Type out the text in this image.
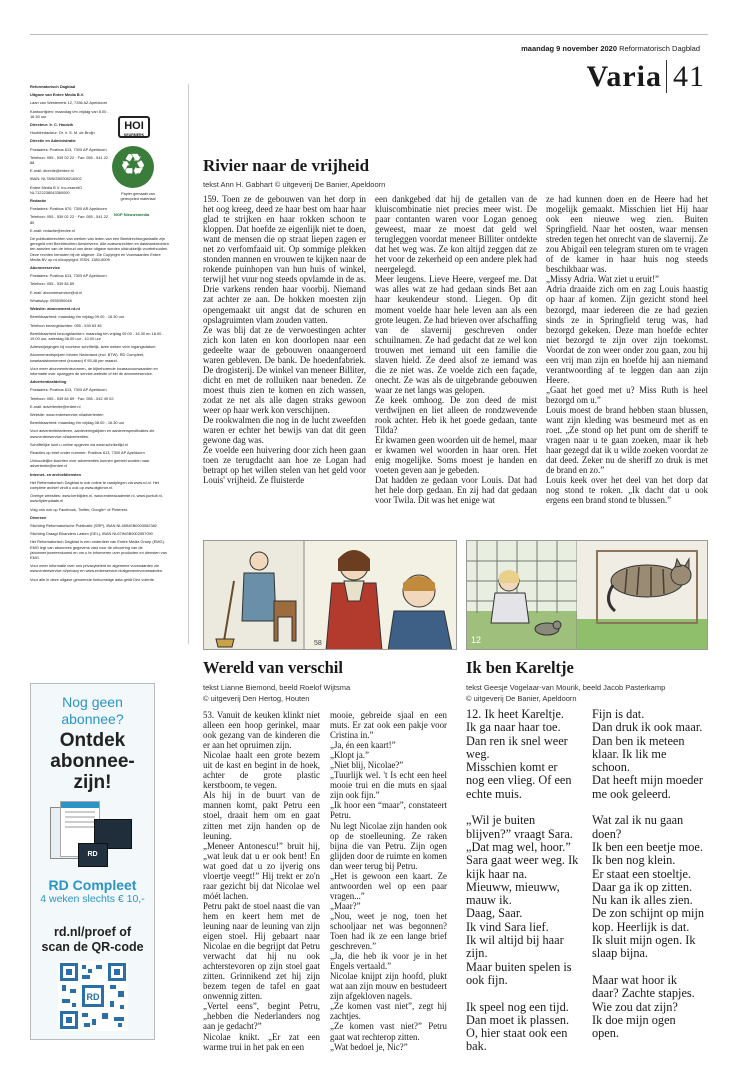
maandag 9 november 2020 Reformatorisch Dagblad
Varia 41

Reformatorisch Dagblad

Uitgave van Erdee Media B.V.

Laan van Westenenk 12, 7336 AZ Apeldoorn

Kantoortijden: maandag t/m vrijdag van 8.00 - 16.30 uur

Directeur: Ir. C. Houtzik

Hoofdredacteur: Dr. ir. S. M. de Bruijn

Directie en Administratie

Postadres: Postbus 613, 7300 AP Apeldoorn

Telefoon: 055 - 539 02 22 · Fax: 055 - 541 22 88

E-mail: directie@erdee.nl

IBAN: NL78INGB0008216502

Erdee Media B.V. Inc.essentO NL7122238043360000

Redactie

Postadres: Postbus 670, 7300 AR Apeldoorn

Telefoon: 055 - 539 02 22 · Fax: 055 - 541 22 80

E-mail: redactie@erdee.nl

De publicatierechten van werken van leden van een Beeldrechtorganisatie zijn geregeld met Beeldrechten Amstelveen. Alle auteursrechten en databankrechten ten aanzien van de inhoud van deze uitgave worden uitdrukkelijk voorbehouden. Deze rechten berusten bij de uitgever. Zie Copyright en Voorwaarden Erdee Media BV op rd.nl/copyright. ISSN: 1380-6009

Abonneeservice

Postadres: Postbus 613, 7300 AP Apeldoorn

Telefoon: 055 - 539 84 89

E-mail: abonneeservice@rd.nl

WhatsApp: 0555390046

Website: abonnement.rd.nl

Bereikbaarheid: maandag t/m vrijdag 09.00 - 16.30 uur

Telefoon bezorgklachten: 055 - 539 63 45

Bereikbaarheid bezorgklachten: maandag t/m vrijdag 09.00 - 16.30 en 18.00 - 19.00 uur, zaterdag 08.00 uur - 10.00 uur

Adreswijzigingen bij voorkeur schriftelijk, twee weken vóór ingangsdatum.

Abonnementsprijzen binnen Nederland (incl. BTW). RD Compleet, kwartaalabonnement (incasso) € 95,48 per maand.

Voor meer abonnementsvormen, de bijbehorende incassovoorwaarden en informatie over opzeggen de service-website of bel de abonneeservice.

Advertentieafdeling

Postadres: Postbus 613, 7300 AP Apeldoorn

Telefoon: 055 - 539 84 89 · Fax: 055 - 542 49 02

E-mail: advertentie@erdee.nl

Website: www.erdeeservice.nl/advertenten

Bereikbaarheid: maandag t/m vrijdag 08.00 - 16.30 uur

Voor advertentietarieven, aanleveringstijden en aanleverspecificaties zie www.erdeeservice.nl/advertenties.

Schriftelijke kunt u online opgeven via www.schrikeltijd.nl

Reacties op brief onder nummer: Postbus 613, 7300 AP Apeldoorn

Unhoudelijke klachten over advertenties kunnen gemeld worden naar advertentie@erdee.nl

Internet- en archiefdiensten

Het Reformatorisch Dagblad is ook online te raadplegen via www.rd.nl. Het complete archief vindt u ook op www.digibron.nl.

Overige websites: www.kerktijden.nl, www.erdeeacademie.nl, www.puntuit.nl, www.tijdenplaats.nl

Volg ons ook op Facebook, Twitter, Google+ of Pinterest.

Diversen

Stichting Reformatorische Publicatie (SRP), IBAN NL48INGB0003082382

Stichting Draagt Elkanders Lasten (DEL), IBAN NL67INGB0002957090

Het Reformatorisch Dagblad is een onderdeel van Erdee Media Groep (EMG). EMG legt van abonnees gegevens vast voor de uitvoering van de (abonnee)overeenkomst en om u te informeren over producten en diensten van EMG.

Voor meer informatie over ons privacybeleid en algemene voorwaarden zie www.erdeeservice.nl/privacy en www.erdeeservice.nl/algemenevoorwaarden.

Voor alle in deze uitgave genoemde toekomstige data geldt Deo volente.

HOI
KEURMERK
♻
Papier gemaakt van gerecycled materiaal
NOP Nieuwsmedia
Nog geen abonnee?
Ontdek abonnee-zijn!
RD
RD Compleet
4 weken slechts € 10,-
rd.nl/proef of scan de QR-code
RD
Rivier naar de vrijheid
tekst Ann H. Gabhart © uitgeverij De Banier, Apeldoorn

159. Toen ze de gebouwen van het dorp in het oog kreeg, deed ze haar best om haar haar glad te strijken en haar rokken schoon te kloppen. Dat hoefde ze eigenlijk niet te doen, want de mensen die op straat liepen zagen er net zo verfomfaaid uit. Op sommige plekken stonden mannen en vrouwen te kijken naar de rokende puinhopen van hun huis of winkel, terwijl het vuur nog steeds opvlamde in de as.

Drie varkens renden haar voorbij. Niemand zat achter ze aan. De hokken moesten zijn opengemaakt uit angst dat de schuren en opslagruimten vlam zouden vatten.

Ze was blij dat ze de verwoestingen achter zich kon laten en kon doorlopen naar een gedeelte waar de gebouwen onaangeroerd waren gebleven. De bank. De hoedenfabriek. De drogisterij. De winkel van meneer Billiter, dicht en met de rolluiken naar beneden. Ze moest thuis zien te komen en zich wassen, zodat ze net als alle dagen straks gewoon weer op haar werk kon verschijnen.

De rookwalmen die nog in de lucht zweefden waren er echter het bewijs van dat dit geen gewone dag was.

Ze voelde een huivering door zich heen gaan toen ze terugdacht aan hoe ze Logan had betrapt op het willen stelen van het geld voor Louis' vrijheid. Ze fluisterde

een dankgebed dat hij de getallen van de kluiscombinatie niet precies meer wist. De paar contanten waren voor Logan genoeg geweest, maar ze moest dat geld wel terugleggen voordat meneer Billiter ontdekte dat het weg was. Ze kon altijd zeggen dat ze het voor de zekerheid op een andere plek had neergelegd.

Meer leugens. Lieve Heere, vergeef me. Dat was alles wat ze had gedaan sinds Bet aan haar keukendeur stond. Liegen. Op dit moment voelde haar hele leven aan als een grote leugen. Ze had brieven over afschaffing van de slavernij geschreven onder schuilnamen. Ze had gedacht dat ze wel kon trouwen met iemand uit een familie die slaven hield. Ze deed alsof ze iemand was die ze niet was. Ze voelde zich een façade, onecht. Ze was als de uitgebrande gebouwen waar ze net langs was gelopen.

Ze keek omhoog. De zon deed de mist verdwijnen en liet alleen de rondzwevende rook achter. Heb ik het goede gedaan, tante Tilda?

Er kwamen geen woorden uit de hemel, maar er kwamen wel woorden in haar oren. Het enig mogelijke. Soms moest je handen en voeten geven aan je gebeden.

Dat hadden ze gedaan voor Louis. Dat had het hele dorp gedaan. En zij had dat gedaan voor Twila. Dit was het enige wat

ze had kunnen doen en de Heere had het mogelijk gemaakt. Misschien liet Hij haar ook een nieuwe weg zien. Buiten Springfield. Naar het oosten, waar mensen streden tegen het onrecht van de slavernij. Ze zou Abigail een telegram sturen om te vragen of de kamer in haar huis nog steeds beschikbaar was.

„Missy Adria. Wat ziet u eruit!”

Adria draaide zich om en zag Louis haastig op haar af komen. Zijn gezicht stond heel bezorgd, maar iedereen die ze had gezien sinds ze in Springfield terug was, had bezorgd gekeken. Deze man hoefde echter niet bezorgd te zijn over zijn toekomst. Voordat de zon weer onder zou gaan, zou hij een vrij man zijn en hoefde hij aan niemand verantwoording af te leggen dan aan zijn Heere.

„Gaat het goed met u? Miss Ruth is heel bezorgd om u.”

Louis moest de brand hebben staan blussen, want zijn kleding was besmeurd met as en roet. „Ze stond op het punt om de sheriff te vragen naar u te gaan zoeken, maar ik heb haar gezegd dat ik u wilde zoeken voordat ze dat deed. Zeker nu de sheriff zo druk is met de brand en zo.”

Louis keek over het deel van het dorp dat nog stond te roken. „Ik dacht dat u ook ergens een brand stond te blussen.”

58	12
Wereld van verschil
tekst Lianne Biemond, beeld Roelof Wijtsma
© uitgeverij Den Hertog, Houten

53. Vanuit de keuken klinkt niet alleen een hoop gerinkel, maar ook gezang van de kinderen die er aan het opruimen zijn.

Nicolae haalt een grote bezem uit de kast en begint in de hoek, achter de grote plastic kerstboom, te vegen.

Als hij in de buurt van de mannen komt, pakt Petru een stoel, draait hem om en gaat zitten met zijn handen op de leuning.

„Meneer Antonescu!” bruit hij, „wat leuk dat u er ook bent! En wat goed dat u zo ijverig ons vloertje veegt!” Hij trekt er zo'n raar gezicht bij dat Nicolae wel móét lachen.

Petru pakt de stoel naast die van hem en keert hem met de leuning naar de leuning van zijn eigen stoel. Hij gebaart naar Nicolae en die begrijpt dat Petru verwacht dat hij nu ook achterstevoren op zijn stoel gaat zitten. Grinnikend zet hij zijn bezem tegen de tafel en gaat onwennig zitten.

„Vertel eens”, begint Petru, „hebben die Nederlanders nog aan je gedacht?”

Nicolae knikt. „Er zat een warme trui in het pak en een

mooie, gebreide sjaal en een muts. Er zat ook een pakje voor Cristina in.”

„Ja, én een kaart!”

„Klopt ja.”

„Niet blij, Nicolae?”

„Tuurlijk wel. 't Is echt een heel mooie trui en die muts en sjaal zijn ook fijn.”

„Ik hoor een “maar”, constateert Petru.

Nu legt Nicolae zijn handen ook op de stoelleuning. Ze raken bijna die van Petru. Zijn ogen glijden door de ruimte en komen dan weer terug bij Petru.

„Het is gewoon een kaart. Ze antwoorden wel op een paar vragen...”

„Maar?”

„Nou, weet je nog, toen het schooljaar net was begonnen? Toen had ik ze een lange brief geschreven.”

„Ja, die heb ik voor je in het Engels vertaald.”

Nicolae knijpt zijn hoofd, plukt wat aan zijn mouw en bestudeert zijn afgekloven nagels.

„Ze komen vast niet”, zegt hij zachtjes.

„Ze komen vast niet?” Petru gaat wat rechterop zitten.

„Wat bedoel je, Nic?”

Ik ben Kareltje
tekst Geesje Vogelaar-van Mourik, beeld Jacob Pasterkamp
© uitgeverij De Banier, Apeldoorn

12. Ik heet Kareltje.

Ik ga naar haar toe.

Dan ren ik snel weer weg.

Misschien komt er nog een vlieg. Of een echte muis.

„Wil je buiten blijven?” vraagt Sara.

„Dat mag wel, hoor.”

Sara gaat weer weg. Ik kijk haar na.

Mieuww, mieuww, mauw ik.

Daag, Saar.

Ik vind Sara lief.

Ik wil altijd bij haar zijn.

Maar buiten spelen is ook fijn.

Ik speel nog een tijd.

Dan moet ik plassen.

O, hier staat ook een bak.

Fijn is dat.

Dan druk ik ook maar.

Dan ben ik meteen klaar. Ik lik me schoon.

Dat heeft mijn moeder me ook geleerd.

Wat zal ik nu gaan doen?

Ik ben een beetje moe.

Ik ben nog klein.

Er staat een stoeltje.

Daar ga ik op zitten.

Nu kan ik alles zien.

De zon schijnt op mijn kop. Heerlijk is dat.

Ik sluit mijn ogen. Ik slaap bijna.

Maar wat hoor ik daar? Zachte stapjes.

Wie zou dat zijn?

Ik doe mijn ogen open.
